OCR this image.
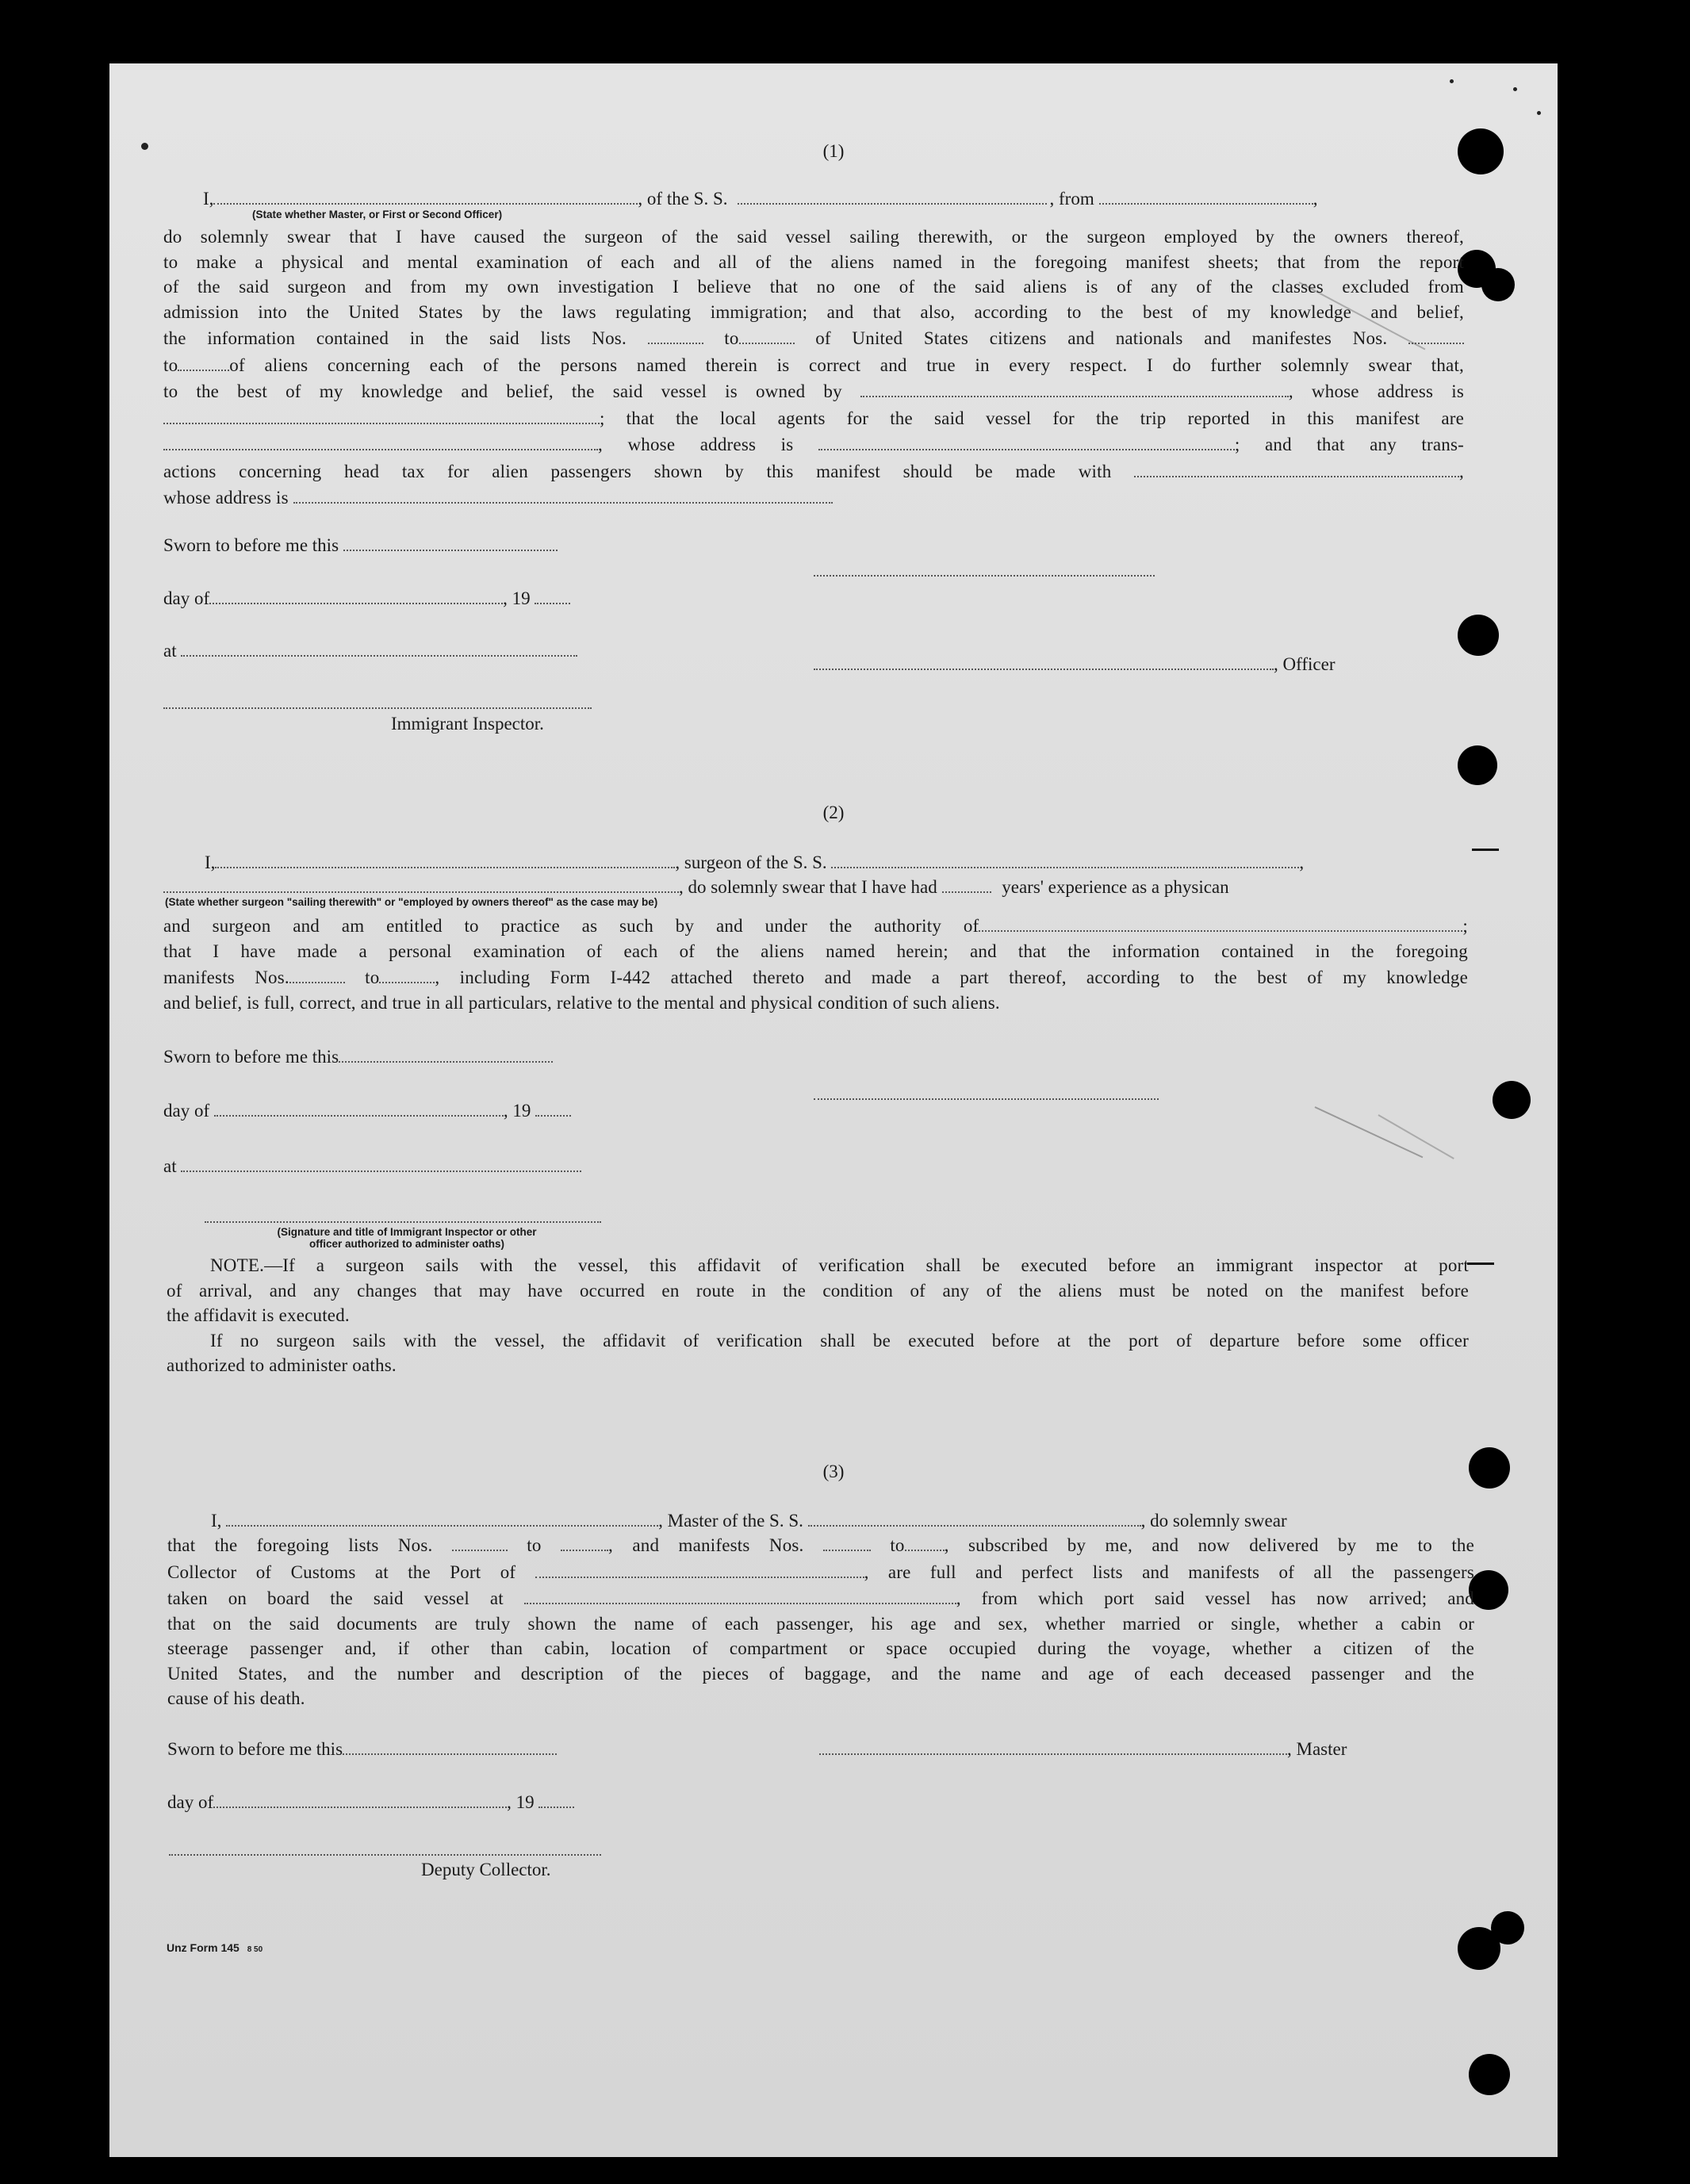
(1)
I,	, of the S. S.	, from	,
(State whether Master, or First or Second Officer)
do solemnly swear that I have caused the surgeon of the said vessel sailing therewith, or the surgeon employed by the owners thereof,
to make a physical and mental examination of each and all of the aliens named in the foregoing manifest sheets; that from the report
of the said surgeon and from my own investigation I believe that no one of the said aliens is of any of the classes excluded from
admission into the United States by the laws regulating immigration; and that also, according to the best of my knowledge and belief,
the information contained in the said lists Nos.	to	of United States citizens and nationals and manifestes Nos.
to	of aliens concerning each of the persons named therein is correct and true in every respect. I do further solemnly swear that,
to the best of my knowledge and belief, the said vessel is owned by	, whose address is
; that the local agents for the said vessel for the trip reported in this manifest are
, whose address is	; and that any trans-
actions concerning head tax for alien passengers shown by this manifest should be made with	,
whose address is
Sworn to before me this
day of	, 19
at
, Officer
Immigrant Inspector.
(2)
I,	, surgeon of the S. S.	,
, do solemnly swear that I have had	years' experience as a physican
(State whether surgeon "sailing therewith" or "employed by owners thereof" as the case may be)
and surgeon and am entitled to practice as such by and under the authority of	;
that I have made a personal examination of each of the aliens named herein; and that the information contained in the foregoing
manifests Nos.	to	, including Form I-442 attached thereto and made a part thereof, according to the best of my knowledge
and belief, is full, correct, and true in all particulars, relative to the mental and physical condition of such aliens.
Sworn to before me this
day of	, 19
at
(Signature and title of Immigrant Inspector or other
officer authorized to administer oaths)
NOTE.—If a surgeon sails with the vessel, this affidavit of verification shall be executed before an immigrant inspector at port
of arrival, and any changes that may have occurred en route in the condition of any of the aliens must be noted on the manifest before
the affidavit is executed.
If no surgeon sails with the vessel, the affidavit of verification shall be executed before at the port of departure before some officer
authorized to administer oaths.
(3)
I,	, Master of the S. S.	, do solemnly swear
that the foregoing lists Nos.	to	, and manifests Nos.	to , subscribed by me, and now delivered by me to the
Collector of Customs at the Port of	, are full and perfect lists and manifests of all the passengers
taken on board the said vessel at	, from which port said vessel has now arrived; and
that on the said documents are truly shown the name of each passenger, his age and sex, whether married or single, whether a cabin or
steerage passenger and, if other than cabin, location of compartment or space occupied during the voyage, whether a citizen of the
United States, and the number and description of the pieces of baggage, and the name and age of each deceased passenger and the
cause of his death.
Sworn to before me this	, Master
day of	, 19
Deputy Collector.
Unz Form 145 8 50
